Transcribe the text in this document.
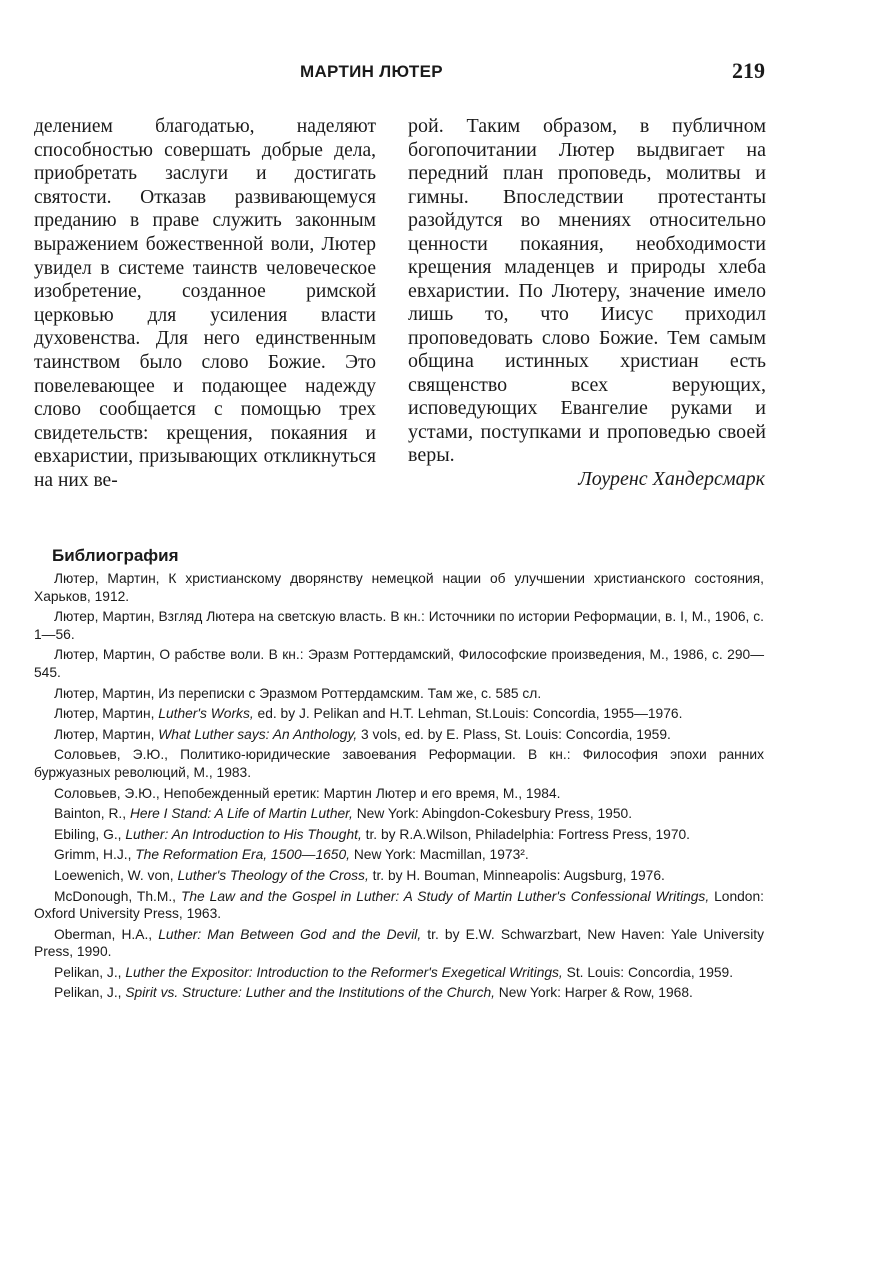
МАРТИН ЛЮТЕР	219

делением благодатью, наделяют способностью совершать добрые дела, приобретать заслуги и достигать святости. Отказав развивающемуся преданию в праве служить законным выражением божественной воли, Лютер увидел в системе таинств человеческое изобретение, созданное римской церковью для усиления власти духовенства. Для него единственным таинством было слово Божие. Это повелевающее и подающее надежду слово сообщается с помощью трех свидетельств: крещения, покаяния и евхаристии, призывающих откликнуться на них ве-

рой. Таким образом, в публичном богопочитании Лютер выдвигает на передний план проповедь, молитвы и гимны. Впоследствии протестанты разойдутся во мнениях относительно ценности покаяния, необходимости крещения младенцев и природы хлеба евхаристии. По Лютеру, значение имело лишь то, что Иисус приходил проповедовать слово Божие. Тем самым община истинных христиан есть священство всех верующих, исповедующих Евангелие руками и устами, поступками и проповедью своей веры.

Лоуренс Хандерсмарк
Библиография

Лютер, Мартин, К христианскому дворянству немецкой нации об улучшении христианского состояния, Харьков, 1912.

Лютер, Мартин, Взгляд Лютера на светскую власть. В кн.: Источники по истории Реформации, в. I, М., 1906, с. 1—56.

Лютер, Мартин, О рабстве воли. В кн.: Эразм Роттердамский, Философские произведения, М., 1986, с. 290—545.

Лютер, Мартин, Из переписки с Эразмом Роттердамским. Там же, с. 585 сл.

Лютер, Мартин, Luther's Works, ed. by J. Pelikan and H.T. Lehman, St.Louis: Concordia, 1955—1976.

Лютер, Мартин, What Luther says: An Anthology, 3 vols, ed. by E. Plass, St. Louis: Concordia, 1959.

Соловьев, Э.Ю., Политико-юридические завоевания Реформации. В кн.: Философия эпохи ранних буржуазных революций, М., 1983.

Соловьев, Э.Ю., Непобежденный еретик: Мартин Лютер и его время, М., 1984.

Bainton, R., Here I Stand: A Life of Martin Luther, New York: Abingdon-Cokesbury Press, 1950.

Ebiling, G., Luther: An Introduction to His Thought, tr. by R.A.Wilson, Philadelphia: Fortress Press, 1970.

Grimm, H.J., The Reformation Era, 1500—1650, New York: Macmillan, 1973².

Loewenich, W. von, Luther's Theology of the Cross, tr. by H. Bouman, Minneapolis: Augsburg, 1976.

McDonough, Th.M., The Law and the Gospel in Luther: A Study of Martin Luther's Confessional Writings, London: Oxford University Press, 1963.

Oberman, H.A., Luther: Man Between God and the Devil, tr. by E.W. Schwarzbart, New Haven: Yale University Press, 1990.

Pelikan, J., Luther the Expositor: Introduction to the Reformer's Exegetical Writings, St. Louis: Concordia, 1959.

Pelikan, J., Spirit vs. Structure: Luther and the Institutions of the Church, New York: Harper & Row, 1968.
